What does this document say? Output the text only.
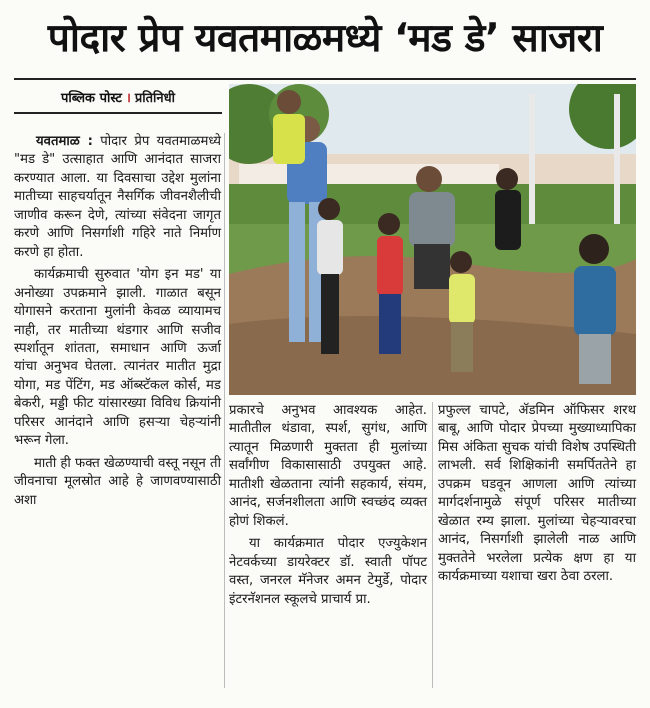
पोदार प्रेप यवतमाळमध्ये ‘मड डे’ साजरा
पब्लिक पोस्ट । प्रतिनिधी

यवतमाळ : पोदार प्रेप यवतमाळमध्ये "मड डे" उत्साहात आणि आनंदात साजरा करण्यात आला. या दिवसाचा उद्देश मुलांना मातीच्या साहचर्यातून नैसर्गिक जीवनशैलीची जाणीव करून देणे, त्यांच्या संवेदना जागृत करणे आणि निसर्गाशी गहिरे नाते निर्माण करणे हा होता.

कार्यक्रमाची सुरुवात 'योग इन मड' या अनोख्या उपक्रमाने झाली. गाळात बसून योगासने करताना मुलांनी केवळ व्यायामच नाही, तर मातीच्या थंडगार आणि सजीव स्पर्शातून शांतता, समाधान आणि ऊर्जा यांचा अनुभव घेतला. त्यानंतर मातीत मुद्रा योगा, मड पेंटिंग, मड ऑब्स्टॅकल कोर्स, मड बेकरी, मड्डी फीट यांसारख्या विविध क्रियांनी परिसर आनंदाने आणि हसऱ्या चेहऱ्यांनी भरून गेला.

माती ही फक्त खेळण्याची वस्तू नसून ती जीवनाचा मूलस्रोत आहे हे जाणवण्यासाठी अशा

प्रकारचे अनुभव आवश्यक आहेत. मातीतील थंडावा, स्पर्श, सुगंध, आणि त्यातून मिळणारी मुक्तता ही मुलांच्या सर्वांगीण विकासासाठी उपयुक्त आहे. मातीशी खेळताना त्यांनी सहकार्य, संयम, आनंद, सर्जनशीलता आणि स्वच्छंद व्यक्त होणं शिकलं.

या कार्यक्रमात पोदार एज्युकेशन नेटवर्कच्या डायरेक्टर डॉ. स्वाती पॉपट वस्त, जनरल मॅनेजर अमन टेमुर्डे, पोदार इंटरनॅशनल स्कूलचे प्राचार्य प्रा.

प्रफुल्ल चापटे, ॲडमिन ऑफिसर शरथ बाबू, आणि पोदार प्रेपच्या मुख्याध्यापिका मिस अंकिता सुचक यांची विशेष उपस्थिती लाभली. सर्व शिक्षिकांनी समर्पिततेने हा उपक्रम घडवून आणला आणि त्यांच्या मार्गदर्शनामुळे संपूर्ण परिसर मातीच्या खेळात रम्य झाला. मुलांच्या चेहऱ्यावरचा आनंद, निसर्गाशी झालेली नाळ आणि मुक्ततेने भरलेला प्रत्येक क्षण हा या कार्यक्रमाच्या यशाचा खरा ठेवा ठरला.
